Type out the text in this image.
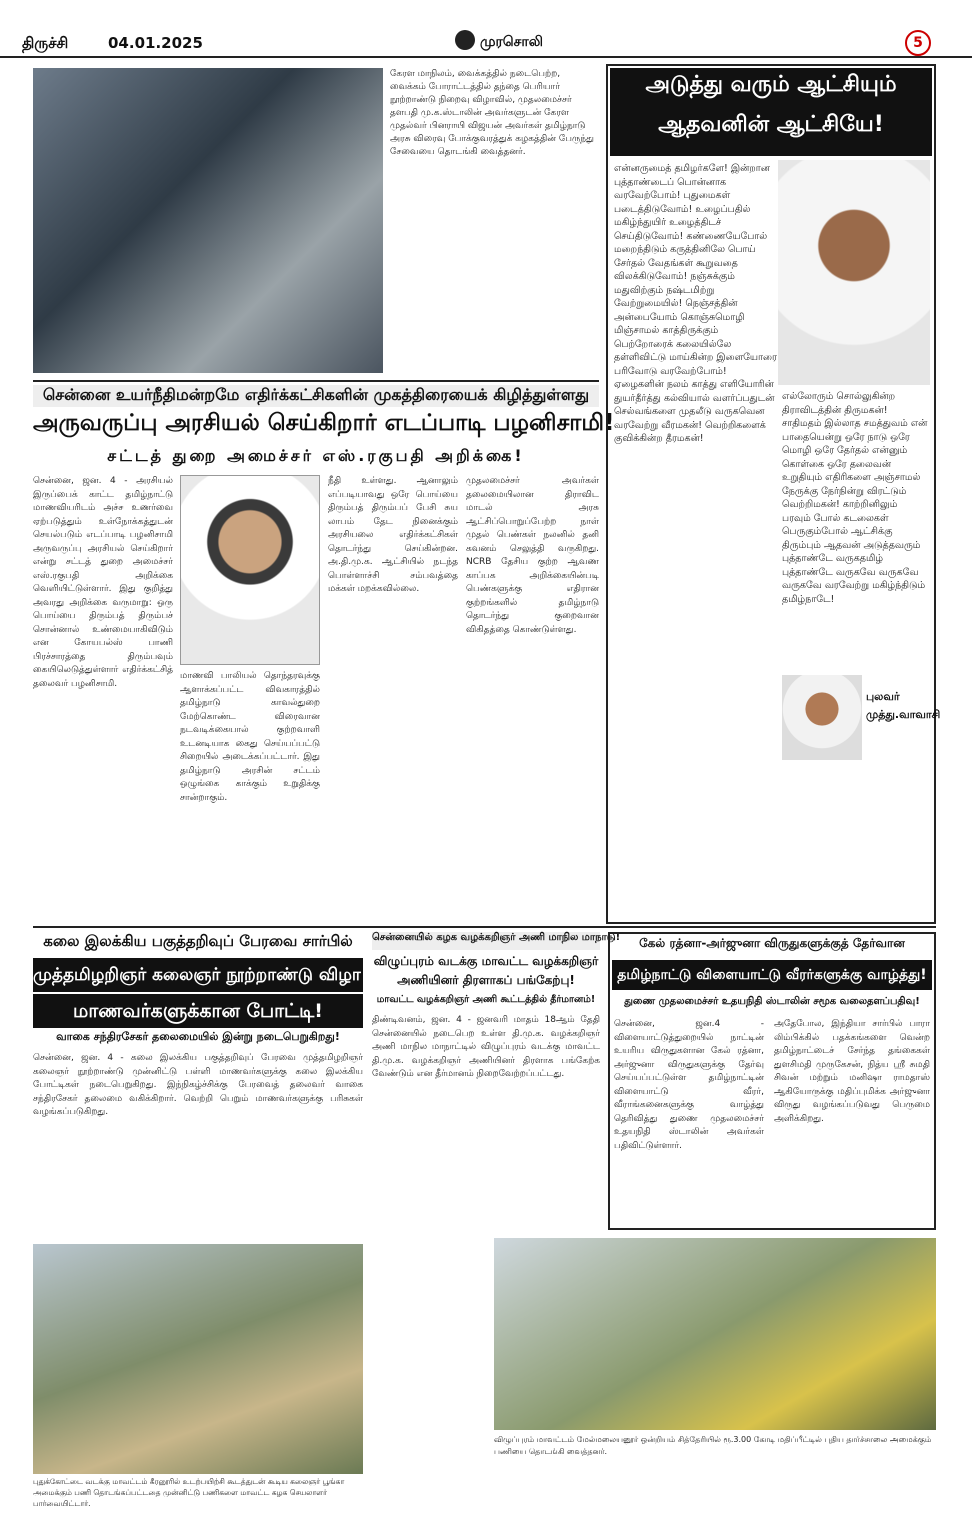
திருச்சி	04.01.2025	முரசொலி	5
கேரள மாநிலம், வைக்கத்தில் நடைபெற்ற, வைக்கம் போராட்டத்தில் தந்தை பெரியார் நூற்றாண்டு நிறைவு விழாவில், முதலமைச்சர் தளபதி மு.க.ஸ்டாலின் அவர்களுடன் கேரள முதல்வர் பினராயி விஜயன் அவர்கள் தமிழ்நாடு அரசு விரைவு போக்குவரத்துக் கழகத்தின் பேருந்து சேவையை தொடங்கி வைத்தனர்.
சென்னை உயர்நீதிமன்றமே எதிர்க்கட்சிகளின் முகத்திரையைக் கிழித்துள்ளது
அருவருப்பு அரசியல் செய்கிறார் எடப்பாடி பழனிசாமி!
சட்டத் துறை அமைச்சர் எஸ்.ரகுபதி அறிக்கை!
சென்னை, ஜன. 4 - அரசியல் இருப்பைக் காட்ட தமிழ்நாட்டு மாணவியரிடம் அச்ச உணர்வை ஏற்படுத்தும் உள்நோக்கத்துடன் செயல்படும் எடப்பாடி பழனிசாமி அருவருப்பு அரசியல் செய்கிறார் என்று சட்டத் துறை அமைச்சர் எஸ்.ரகுபதி அறிக்கை வெளியிட்டுள்ளார். இது குறித்து அவரது அறிக்கை வருமாறு: ஒரு பொய்யை திரும்பத் திரும்பச் சொன்னால் உண்மையாகிவிடும் என கோயபல்ஸ் பாணி பிரச்சாரத்தை திரும்பவும் கையிலெடுத்துள்ளார் எதிர்க்கட்சித் தலைவர் பழனிசாமி.
மாணவி பாலியல் தொந்தரவுக்கு ஆளாக்கப்பட்ட விவகாரத்தில் தமிழ்நாடு காவல்துறை மேற்கொண்ட விரைவான நடவடிக்கையால் குற்றவாளி உடனடியாக கைது செய்யப்பட்டு சிறையில் அடைக்கப்பட்டார். இது தமிழ்நாடு அரசின் சட்டம் ஒழுங்கை காக்கும் உறுதிக்கு சான்றாகும்.
நீதி உள்ளது. ஆனாலும் எப்படியாவது ஒரே பொய்யை திரும்பத் திரும்பப் பேசி சுய லாபம் தேட நினைக்கும் அரசியலை எதிர்க்கட்சிகள் தொடர்ந்து செய்கின்றன. அ.தி.மு.க. ஆட்சியில் நடந்த பொள்ளாச்சி சம்பவத்தை மக்கள் மறக்கவில்லை.
முதலமைச்சர் அவர்கள் தலைமையிலான திராவிட மாடல் அரசு ஆட்சிப்பொறுப்பேற்ற நாள் முதல் பெண்கள் நலனில் தனி கவனம் செலுத்தி வருகிறது. NCRB தேசிய குற்ற ஆவண காப்பக அறிக்கையின்படி பெண்களுக்கு எதிரான குற்றங்களில் தமிழ்நாடு தொடர்ந்து குறைவான விகிதத்தை கொண்டுள்ளது.
அடுத்து வரும் ஆட்சியும்
ஆதவனின் ஆட்சியே!
என்னருமைத் தமிழர்களே! இன்றான புத்தாண்டைப் பொன்னாக வரவேற்போம்! புதுமைகள் படைத்திடுவோம்! உழைப்பதில் மகிழ்ந்துயிர் உழைத்திடச் செய்திடுவோம்! கண்ணையேபோல் மறைந்திடும் கருத்தினிலே பொய் சேர்தல் வேதங்கள் கூறுவதை விலக்கிடுவோம்! நஞ்சுக்கும் மதுவிற்கும் நஷ்டமிற்று வேற்றுமையில்! நெஞ்சத்தின் அன்பையோம் கொஞ்சுமொழி மிஞ்சாமல் காத்திருக்கும் பெற்றோரைக் கலையில்லே தள்ளிவிட்டு மாய்கின்ற இளையோரை பரிவோடு வரவேற்போம்! ஏழைகளின் நலம் காத்து எளியோரின் துயர்தீர்த்து கல்வியால் வளர்ப்பதுடன் செல்வங்களை முதலீடு வருகவென வரவேற்று வீரமகன்! வெற்றிகளைக் குவிக்கின்ற தீரமகன்!
எல்லோரும் சொல்லுகின்ற திராவிடத்தின் திருமகன்! சாதிமதம் இல்லாத சமத்துவம் என் பாதையென்று ஒரே நாடு ஒரே மொழி ஒரே தேர்தல் என்னும் கொள்கை ஒரே தலைவன் உறுதியும் எதிரிகளை அஞ்சாமல் நேருக்கு நேர்நின்று விரட்டும் வெற்றிமகன்! காற்றினிலும் பரவும் போல் கடலைகள் பெருகும்போல் ஆட்சிக்கு திரும்பும் ஆதவன் அடுத்தவரும் புத்தாண்டே வருகதமிழ் புத்தாண்டே வருகவே வருகவே வருகவே வரவேற்று மகிழ்ந்திடும் தமிழ்நாடே!
புலவர்
முத்து.வாவாசி
கலை இலக்கிய பகுத்தறிவுப் பேரவை சார்பில்
முத்தமிழறிஞர் கலைஞர் நூற்றாண்டு விழா!
மாணவர்களுக்கான போட்டி!
வாகை சந்திரசேகர் தலைமையில் இன்று நடைபெறுகிறது!
சென்னை, ஜன. 4 - கலை இலக்கிய பகுத்தறிவுப் பேரவை முத்தமிழறிஞர் கலைஞர் நூற்றாண்டு முன்னிட்டு பள்ளி மாணவர்களுக்கு கலை இலக்கிய போட்டிகள் நடைபெறுகிறது. இந்நிகழ்ச்சிக்கு பேரவைத் தலைவர் வாகை சந்திரசேகர் தலைமை வகிக்கிறார். வெற்றி பெறும் மாணவர்களுக்கு பரிசுகள் வழங்கப்படுகிறது.
சென்னையில் கழக வழக்கறிஞர் அணி மாநில மாநாடு!
விழுப்புரம் வடக்கு மாவட்ட வழக்கறிஞர் அணியினர் திரளாகப் பங்கேற்பு!
மாவட்ட வழக்கறிஞர் அணி கூட்டத்தில் தீர்மானம்!
திண்டிவனம், ஜன. 4 - ஜனவரி மாதம் 18ஆம் தேதி சென்னையில் நடைபெற உள்ள தி.மு.க. வழக்கறிஞர் அணி மாநில மாநாட்டில் விழுப்புரம் வடக்கு மாவட்ட தி.மு.க. வழக்கறிஞர் அணியினர் திரளாக பங்கேற்க வேண்டும் என தீர்மானம் நிறைவேற்றப்பட்டது.
கேல் ரத்னா-அர்ஜுனா விருதுகளுக்குத் தேர்வான
தமிழ்நாட்டு விளையாட்டு வீரர்களுக்கு வாழ்த்து!
துணை முதலமைச்சர் உதயநிதி ஸ்டாலின் சமூக வலைதளப்பதிவு!
சென்னை, ஜன.4 - விளையாட்டுத்துறையில் நாட்டின் உயரிய விருதுகளான கேல் ரத்னா, அர்ஜுனா விருதுகளுக்கு தேர்வு செய்யப்பட்டுள்ள தமிழ்நாட்டின் விளையாட்டு வீரர், வீராங்கனைகளுக்கு வாழ்த்து தெரிவித்து துணை முதலமைச்சர் உதயநிதி ஸ்டாலின் அவர்கள் பதிவிட்டுள்ளார்.
அதேபோல, இந்தியா சார்பில் பாரா லிம்பிக்கில் பதக்கங்களை வென்ற தமிழ்நாட்டைச் சேர்ந்த தங்கைகள் துளசிமதி முருகேசன், நித்ய ஸ்ரீ சுமதி சிவன் மற்றும் மனிஷா ராமதாஸ் ஆகியோருக்கு மதிப்புமிக்க அர்ஜுனா விருது வழங்கப்படுவது பெருமை அளிக்கிறது.
புதுக்கோட்டை வடக்கு மாவட்டம் கீரனூரில் உடற்பயிற்சி கூடத்துடன் கூடிய கலைஞர் பூங்கா அமைக்கும் பணி தொடங்கப்பட்டதை முன்னிட்டு பணிகளை மாவட்ட கழக செயலாளர் பார்வையிட்டார்.
விழுப்புரம் மாவட்டம் மேல்மலையனூர் ஒன்றியம் சித்தேரியில் ரூ.3.00 கோடி மதிப்பீட்டில் புதிய தார்ச்சாலை அமைக்கும் பணியை தொடங்கி வைத்தனர்.
